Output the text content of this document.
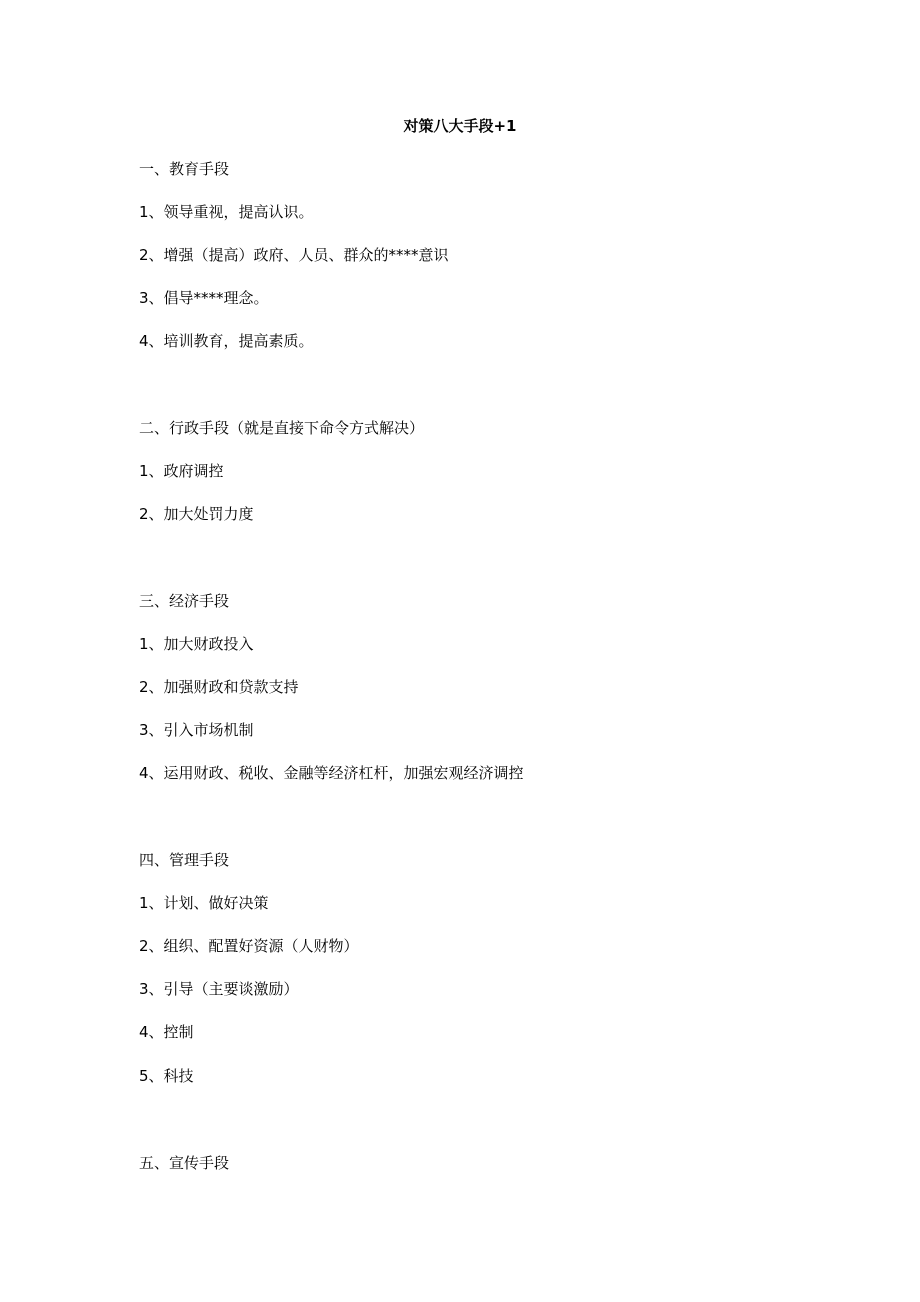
对策八大手段+1
一、教育手段
1、领导重视，提高认识。
2、增强（提高）政府、人员、群众的****意识
3、倡导****理念。
4、培训教育，提高素质。
二、行政手段（就是直接下命令方式解决）
1、政府调控
2、加大处罚力度
三、经济手段
1、加大财政投入
2、加强财政和贷款支持
3、引入市场机制
4、运用财政、税收、金融等经济杠杆，加强宏观经济调控
四、管理手段
1、计划、做好决策
2、组织、配置好资源（人财物）
3、引导（主要谈激励）
4、控制
5、科技
五、宣传手段
